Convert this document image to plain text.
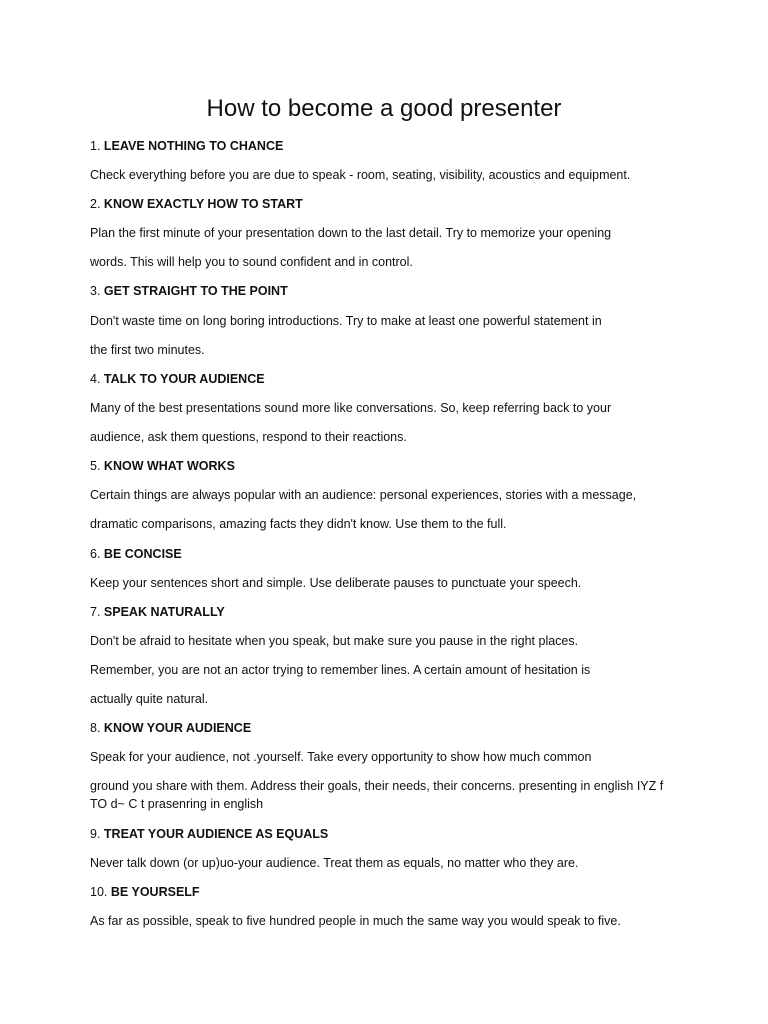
How to become a good presenter

1. LEAVE NOTHING TO CHANCE

Check everything before you are due to speak - room, seating, visibility, acoustics and equipment.

2. KNOW EXACTLY HOW TO START

Plan the first minute of your presentation down to the last detail. Try to memorize your opening

words. This will help you to sound confident and in control.

3. GET STRAIGHT TO THE POINT

Don't waste time on long boring introductions. Try to make at least one powerful statement in

the first two minutes.

4. TALK TO YOUR AUDIENCE

Many of the best presentations sound more like conversations. So, keep referring back to your

audience, ask them questions, respond to their reactions.

5. KNOW WHAT WORKS

Certain things are always popular with an audience: personal experiences, stories with a message,

dramatic comparisons, amazing facts they didn't know. Use them to the full.

6. BE CONCISE

Keep your sentences short and simple. Use deliberate pauses to punctuate your speech.

7. SPEAK NATURALLY

Don't be afraid to hesitate when you speak, but make sure you pause in the right places.

Remember, you are not an actor trying to remember lines. A certain amount of hesitation is

actually quite natural.

8. KNOW YOUR AUDIENCE

Speak for your audience, not .yourself. Take every opportunity to show how much common

ground you share with them. Address their goals, their needs, their concerns. presenting in english IYZ f TO d~ C t prasenring in english

9. TREAT YOUR AUDIENCE AS EQUALS

Never talk down (or up)uo-your audience. Treat them as equals, no matter who they are.

10. BE YOURSELF

As far as possible, speak to five hundred people in much the same way you would speak to five.
